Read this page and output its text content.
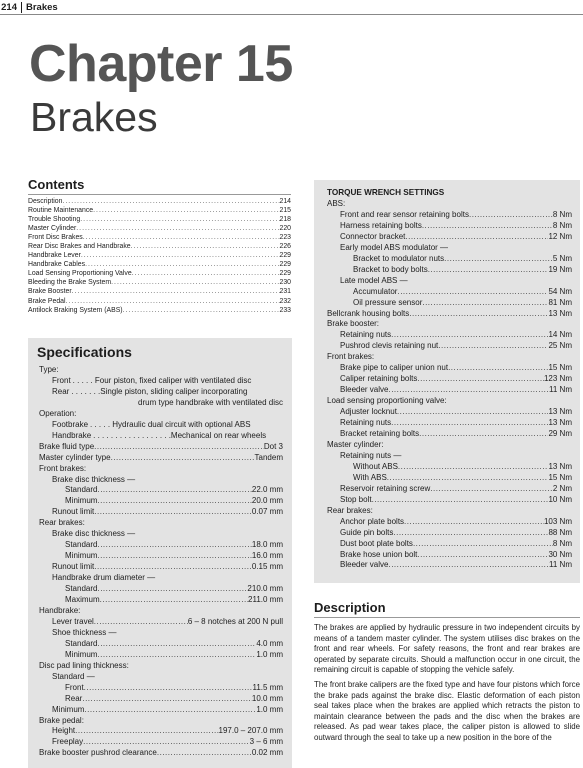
214 Brakes
Chapter 15
Brakes
Contents
Description .....	214
Routine Maintenance .....	215
Trouble Shooting .....	218
Master Cylinder .....	220
Front Disc Brakes .....	223
Rear Disc Brakes and Handbrake .....	226
Handbrake Lever .....	229
Handbrake Cables .....	229
Load Sensing Proportioning Valve .....	229
Bleeding the Brake System .....	230
Brake Booster .....	231
Brake Pedal .....	232
Antilock Braking System (ABS) .....	233
Specifications
Type:
Front . . . . . Four piston, fixed caliper with ventilated disc
Rear . . . . . . .Single piston, sliding caliper incorporating
drum type handbrake with ventilated disc
Operation:
Footbrake . . . . . Hydraulic dual circuit with optional ABS
Handbrake . . . . . . . . . . . . . . . . . .Mechanical on rear wheels
Brake fluid type .....	Dot 3
Master cylinder type .....	Tandem
Front brakes:
Brake disc thickness —
Standard .....	22.0 mm
Minimum .....	20.0 mm
Runout limit .....	0.07 mm
Rear brakes:
Brake disc thickness —
Standard .....	18.0 mm
Minimum .....	16.0 mm
Runout limit .....	0.15 mm
Handbrake drum diameter —
Standard .....	210.0 mm
Maximum .....	211.0 mm
Handbrake:
Lever travel .....	6 – 8 notches at 200 N pull
Shoe thickness —
Standard .....	4.0 mm
Minimum .....	1.0 mm
Disc pad lining thickness:
Standard —
Front .....	11.5 mm
Rear .....	10.0 mm
Minimum .....	1.0 mm
Brake pedal:
Height .....	197.0 – 207.0 mm
Freeplay .....	3 – 6 mm
Brake booster pushrod clearance .....	0.02 mm
TORQUE WRENCH SETTINGS
ABS:
Front and rear sensor retaining bolts .....	8 Nm
Harness retaining bolts .....	8 Nm
Connector bracket .....	12 Nm
Early model ABS modulator —
Bracket to modulator nuts .....	5 Nm
Bracket to body bolts .....	19 Nm
Late model ABS —
Accumulator .....	54 Nm
Oil pressure sensor .....	81 Nm
Bellcrank housing bolts .....	13 Nm
Brake booster:
Retaining nuts .....	14 Nm
Pushrod clevis retaining nut .....	25 Nm
Front brakes:
Brake pipe to caliper union nut .....	15 Nm
Caliper retaining bolts .....	123 Nm
Bleeder valve .....	11 Nm
Load sensing proportioning valve:
Adjuster locknut .....	13 Nm
Retaining nuts .....	13 Nm
Bracket retaining bolts .....	29 Nm
Master cylinder:
Retaining nuts —
Without ABS .....	13 Nm
With ABS .....	15 Nm
Reservoir retaining screw .....	2 Nm
Stop bolt .....	10 Nm
Rear brakes:
Anchor plate bolts .....	103 Nm
Guide pin bolts .....	88 Nm
Dust boot plate bolts .....	8 Nm
Brake hose union bolt .....	30 Nm
Bleeder valve .....	11 Nm
Description

The brakes are applied by hydraulic pressure in two independent circuits by means of a tandem master cylinder. The system utilises disc brakes on the front and rear wheels. For safety reasons, the front and rear brakes are operated by separate circuits. Should a malfunction occur in one circuit, the remaining circuit is capable of stopping the vehicle safely.

The front brake calipers are the fixed type and have four pistons which force the brake pads against the brake disc. Elastic deformation of each piston seal takes place when the brakes are applied which retracts the piston to maintain clearance between the pads and the disc when the brakes are released. As pad wear takes place, the caliper piston is allowed to slide outward through the seal to take up a new position in the bore of the
